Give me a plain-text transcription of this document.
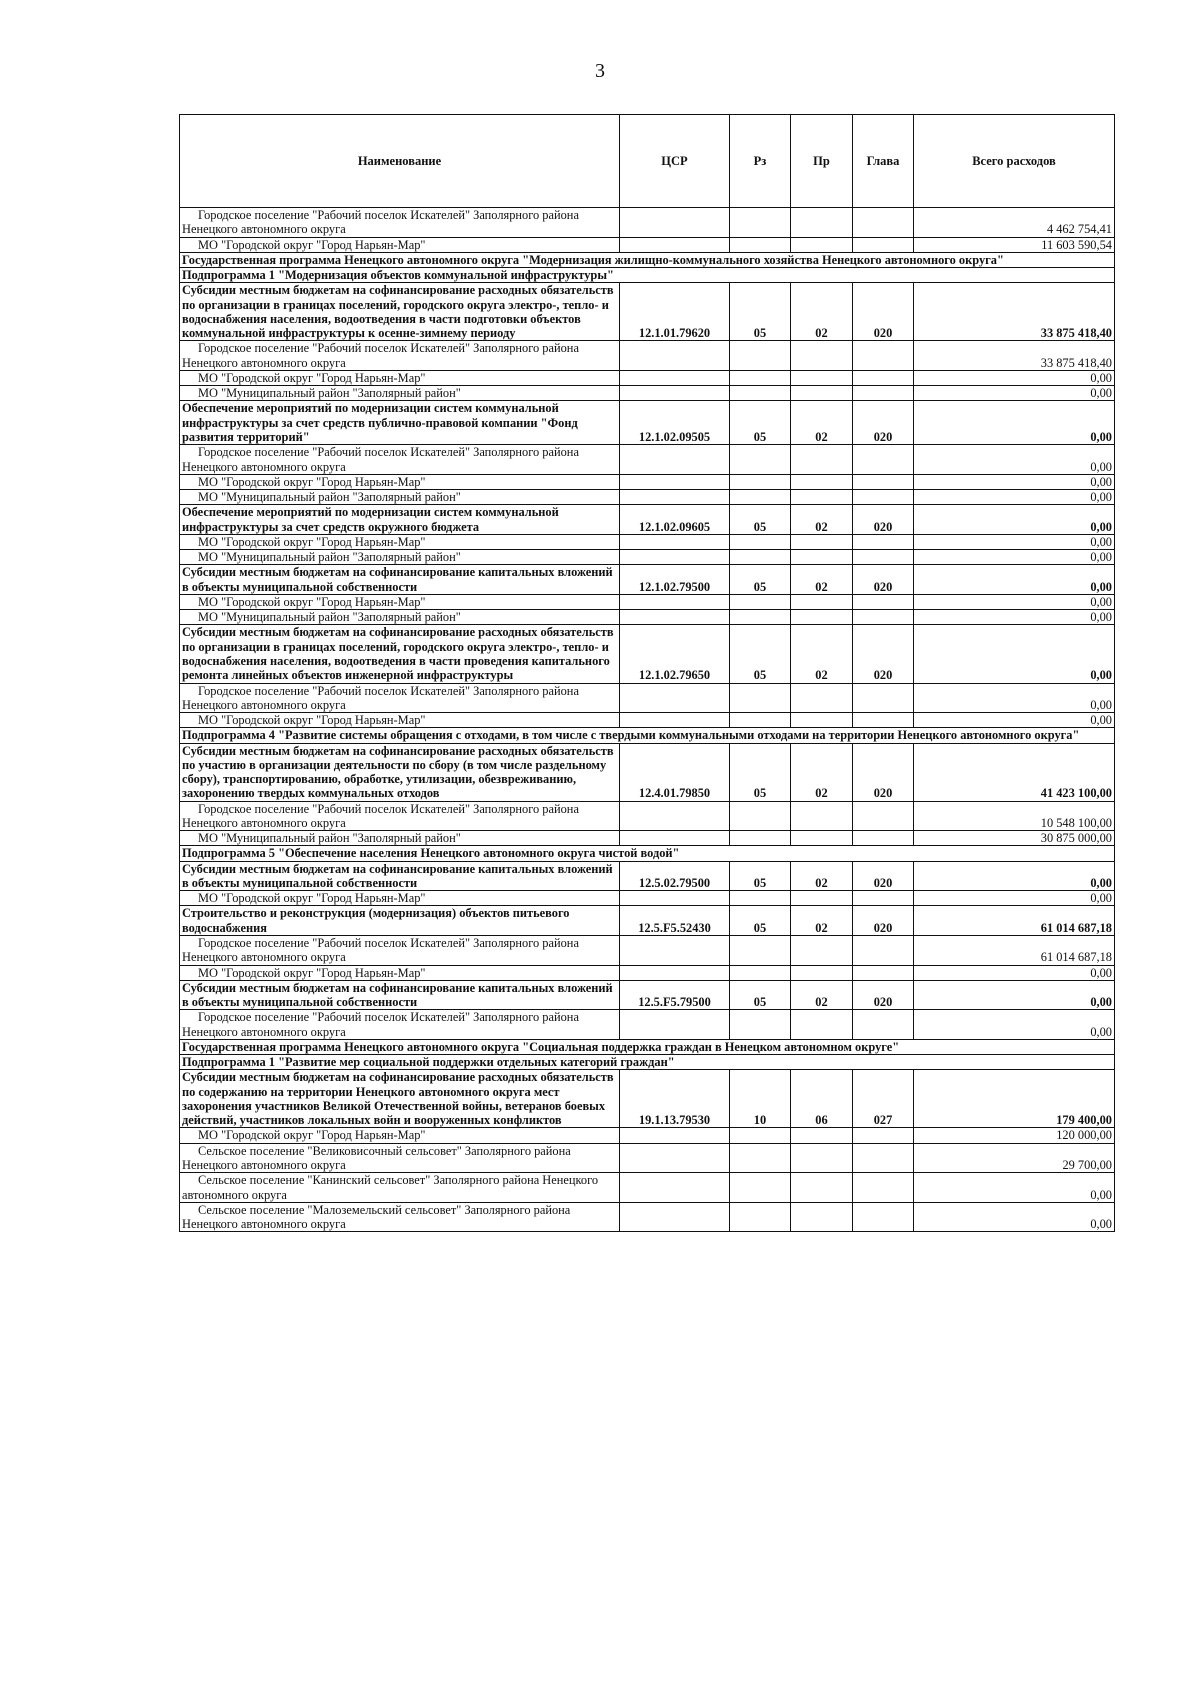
3
Наименование	ЦСР	Рз	Пр	Глава	Всего расходов
Городское поселение "Рабочий поселок Искателей" Заполярного района Ненецкого автономного округа					4 462 754,41
МО "Городской округ "Город Нарьян-Мар"					11 603 590,54
Государственная программа Ненецкого автономного округа "Модернизация жилищно-коммунального хозяйства Ненецкого автономного округа"					
Подпрограмма 1 "Модернизация объектов коммунальной инфраструктуры"					
Субсидии местным бюджетам на софинансирование расходных обязательств по организации в границах поселений, городского округа электро-, тепло- и водоснабжения населения, водоотведения в части подготовки объектов коммунальной инфраструктуры к осенне-зимнему периоду	12.1.01.79620	05	02	020	33 875 418,40
Городское поселение "Рабочий поселок Искателей" Заполярного района Ненецкого автономного округа					33 875 418,40
МО "Городской округ "Город Нарьян-Мар"					0,00
МО "Муниципальный район "Заполярный район"					0,00
Обеспечение мероприятий по модернизации систем коммунальной инфраструктуры за счет средств публично-правовой компании "Фонд развития территорий"	12.1.02.09505	05	02	020	0,00
Городское поселение "Рабочий поселок Искателей" Заполярного района Ненецкого автономного округа					0,00
МО "Городской округ "Город Нарьян-Мар"					0,00
МО "Муниципальный район "Заполярный район"					0,00
Обеспечение мероприятий по модернизации систем коммунальной инфраструктуры за счет средств окружного бюджета	12.1.02.09605	05	02	020	0,00
МО "Городской округ "Город Нарьян-Мар"					0,00
МО "Муниципальный район "Заполярный район"					0,00
Субсидии местным бюджетам на софинансирование капитальных вложений в объекты муниципальной собственности	12.1.02.79500	05	02	020	0,00
МО "Городской округ "Город Нарьян-Мар"					0,00
МО "Муниципальный район "Заполярный район"					0,00
Субсидии местным бюджетам на софинансирование расходных обязательств по организации в границах поселений, городского округа электро-, тепло- и водоснабжения населения, водоотведения в части проведения капитального ремонта линейных объектов инженерной инфраструктуры	12.1.02.79650	05	02	020	0,00
Городское поселение "Рабочий поселок Искателей" Заполярного района Ненецкого автономного округа					0,00
МО "Городской округ "Город Нарьян-Мар"					0,00
Подпрограмма 4 "Развитие системы обращения с отходами, в том числе с твердыми коммунальными отходами на территории Ненецкого автономного округа"					
Субсидии местным бюджетам на софинансирование расходных обязательств по участию в организации деятельности по сбору (в том числе раздельному сбору), транспортированию, обработке, утилизации, обезвреживанию, захоронению твердых коммунальных отходов	12.4.01.79850	05	02	020	41 423 100,00
Городское поселение "Рабочий поселок Искателей" Заполярного района Ненецкого автономного округа					10 548 100,00
МО "Муниципальный район "Заполярный район"					30 875 000,00
Подпрограмма 5 "Обеспечение населения Ненецкого автономного округа чистой водой"					
Субсидии местным бюджетам на софинансирование капитальных вложений в объекты муниципальной собственности	12.5.02.79500	05	02	020	0,00
МО "Городской округ "Город Нарьян-Мар"					0,00
Строительство и реконструкция (модернизация) объектов питьевого водоснабжения	12.5.F5.52430	05	02	020	61 014 687,18
Городское поселение "Рабочий поселок Искателей" Заполярного района Ненецкого автономного округа					61 014 687,18
МО "Городской округ "Город Нарьян-Мар"					0,00
Субсидии местным бюджетам на софинансирование капитальных вложений в объекты муниципальной собственности	12.5.F5.79500	05	02	020	0,00
Городское поселение "Рабочий поселок Искателей" Заполярного района Ненецкого автономного округа					0,00
Государственная программа Ненецкого автономного округа "Социальная поддержка граждан в Ненецком автономном округе"					
Подпрограмма 1 "Развитие мер социальной поддержки отдельных категорий граждан"					
Субсидии местным бюджетам на софинансирование расходных обязательств по содержанию на территории Ненецкого автономного округа мест захоронения участников Великой Отечественной войны, ветеранов боевых действий, участников локальных войн и вооруженных конфликтов	19.1.13.79530	10	06	027	179 400,00
МО "Городской округ "Город Нарьян-Мар"					120 000,00
Сельское поселение "Великовисочный сельсовет" Заполярного района Ненецкого автономного округа					29 700,00
Сельское поселение "Канинский сельсовет" Заполярного района Ненецкого автономного округа					0,00
Сельское поселение "Малоземельский сельсовет" Заполярного района Ненецкого автономного округа					0,00
